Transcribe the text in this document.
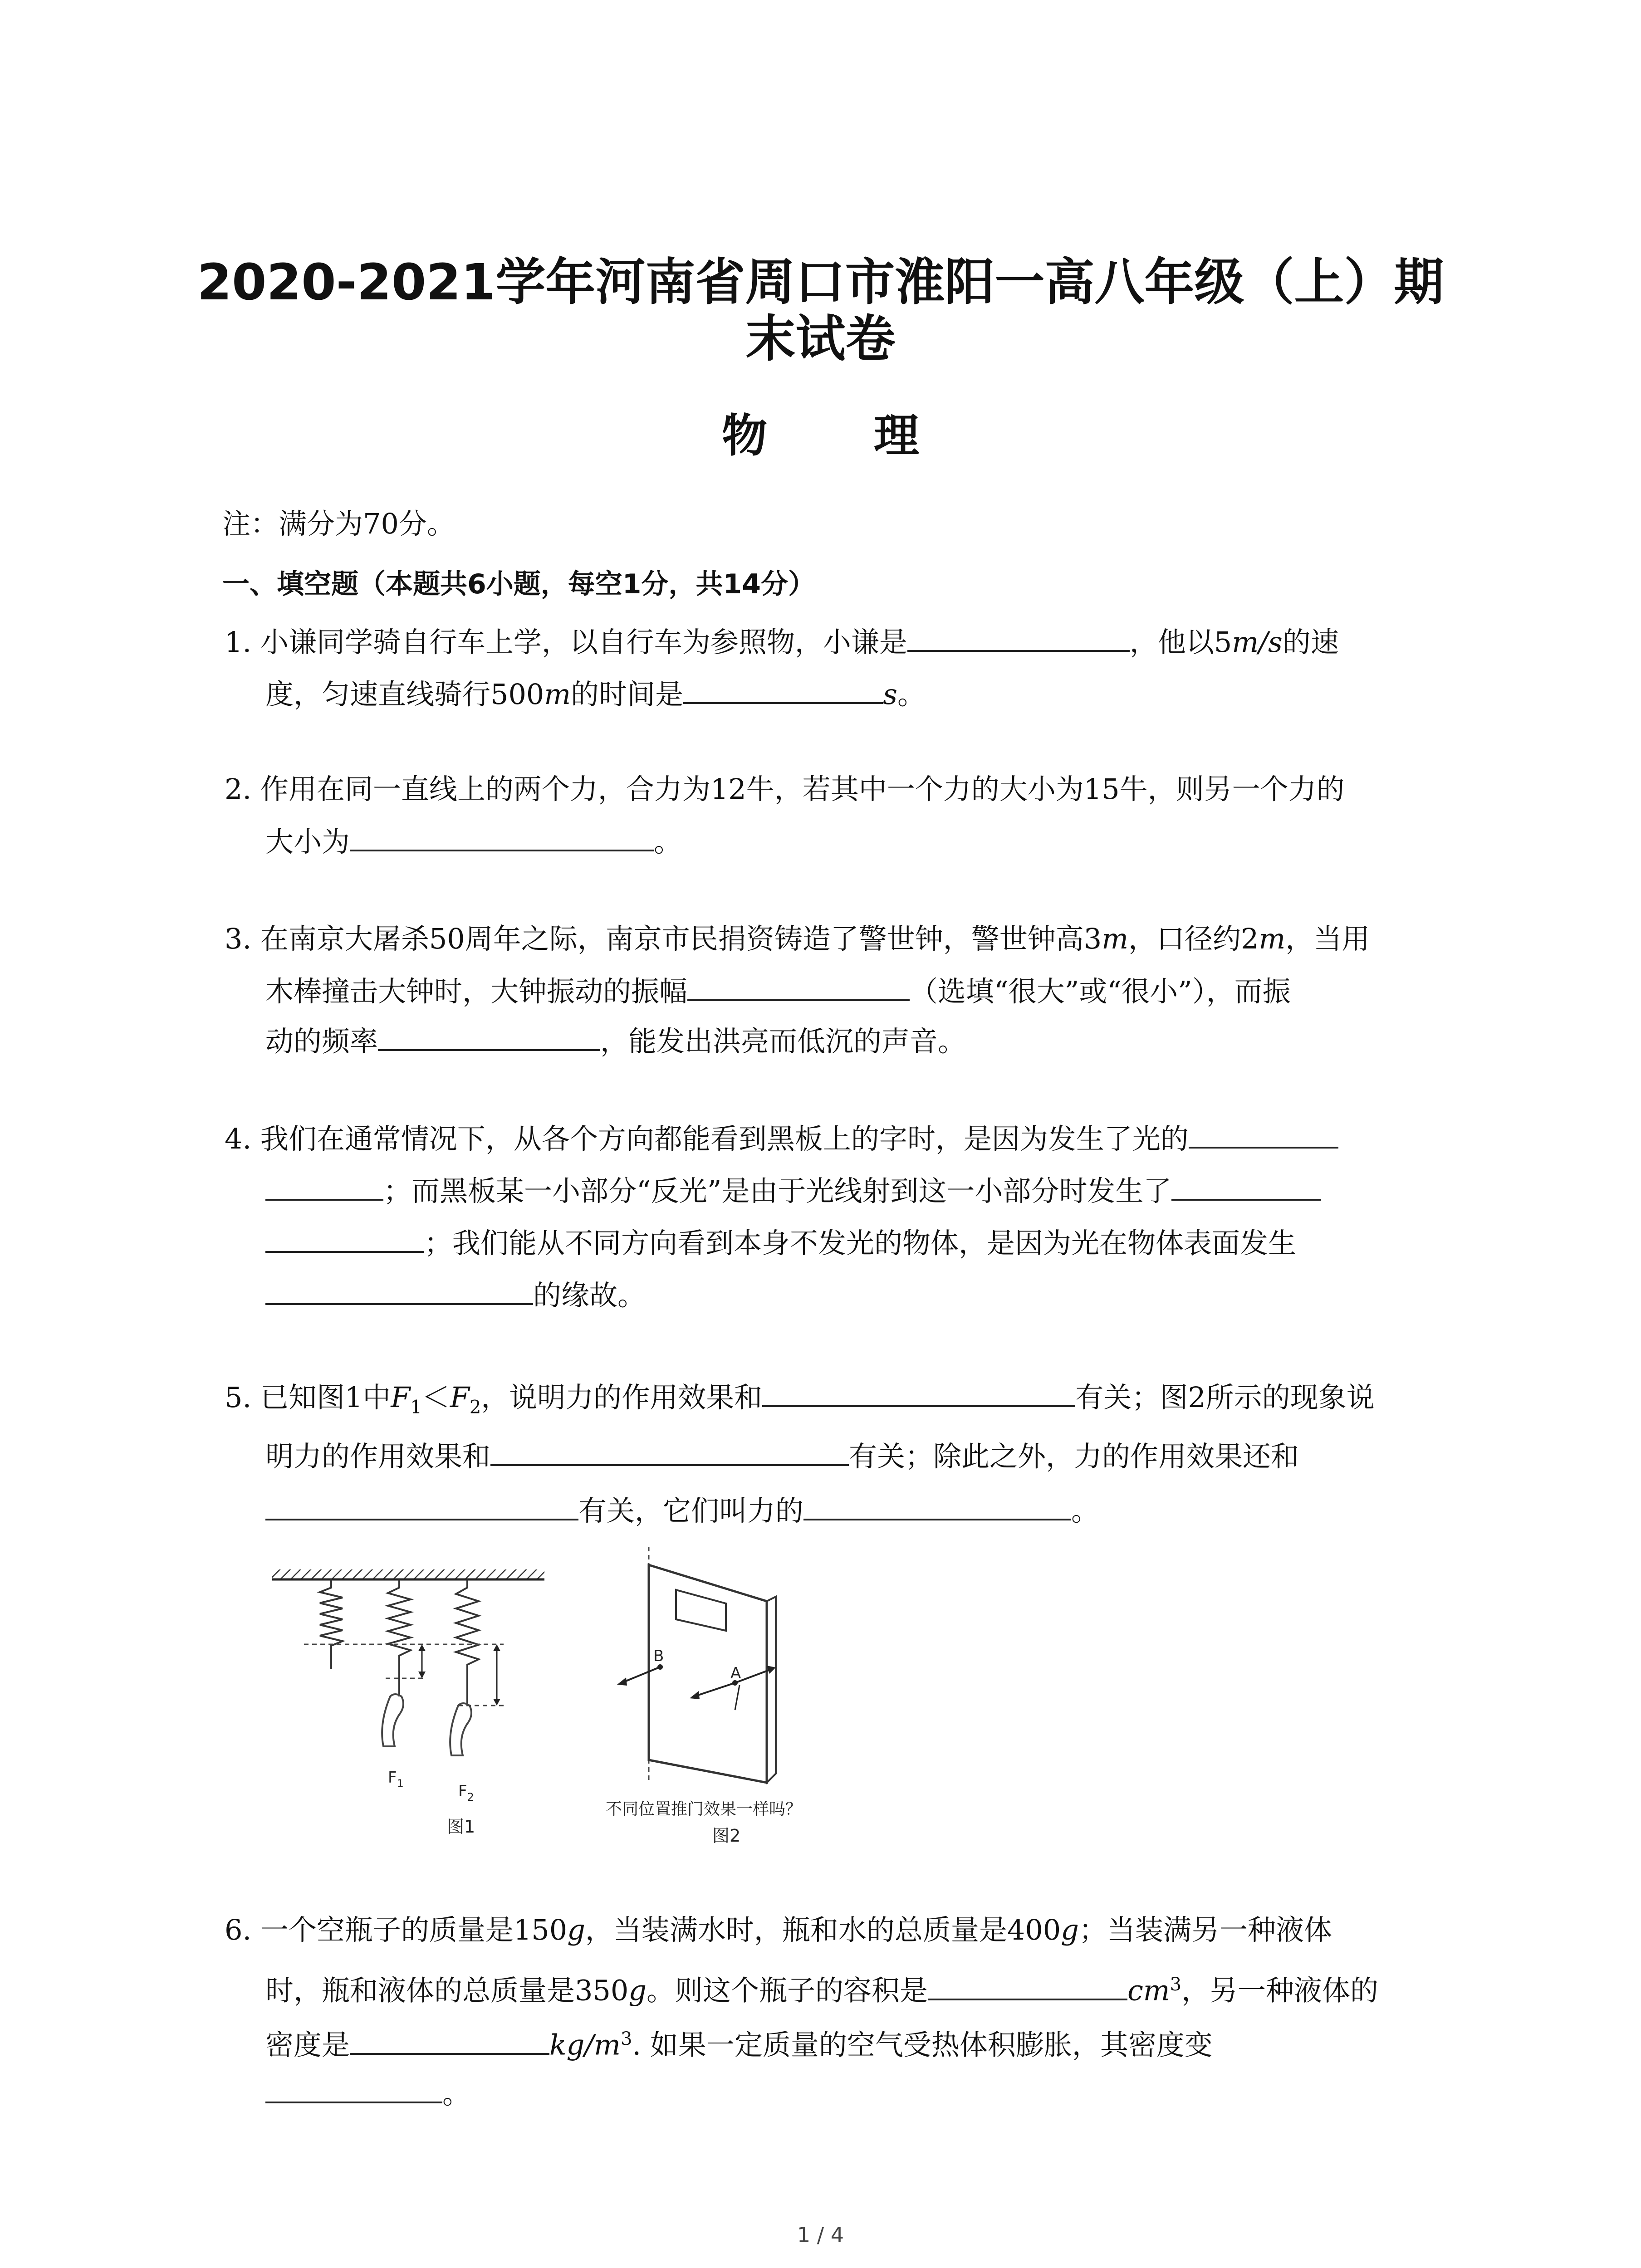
2020-2021学年河南省周口市淮阳一高八年级（上）期
末试卷
物 理
注：满分为70分。
一、填空题（本题共6小题，每空1分，共14分）
1. 小谦同学骑自行车上学，以自行车为参照物，小谦是	，他以5m/s的速
度，匀速直线骑行500m的时间是	s。
2. 作用在同一直线上的两个力，合力为12牛，若其中一个力的大小为15牛，则另一个力的
大小为	。
3. 在南京大屠杀50周年之际，南京市民捐资铸造了警世钟，警世钟高3m，口径约2m，当用
木棒撞击大钟时，大钟振动的振幅	（选填“很大”或“很小”），而振
动的频率	，能发出洪亮而低沉的声音。
4. 我们在通常情况下，从各个方向都能看到黑板上的字时，是因为发生了光的
；而黑板某一小部分“反光”是由于光线射到这一小部分时发生了
；我们能从不同方向看到本身不发光的物体，是因为光在物体表面发生
的缘故。
5. 已知图1中$F_1<F_2$，说明力的作用效果和	有关；图2所示的现象说
明力的作用效果和	有关；除此之外，力的作用效果还和
有关，它们叫力的	。
$F_1$	$F_2$
图1
B
A
不同位置推门效果一样吗？
图2
6. 一个空瓶子的质量是150g，当装满水时，瓶和水的总质量是400g；当装满另一种液体
时，瓶和液体的总质量是350g。则这个瓶子的容积是	$cm^3$，另一种液体的
密度是	$kg/m^3$. 如果一定质量的空气受热体积膨胀，其密度变
。
1 / 4
